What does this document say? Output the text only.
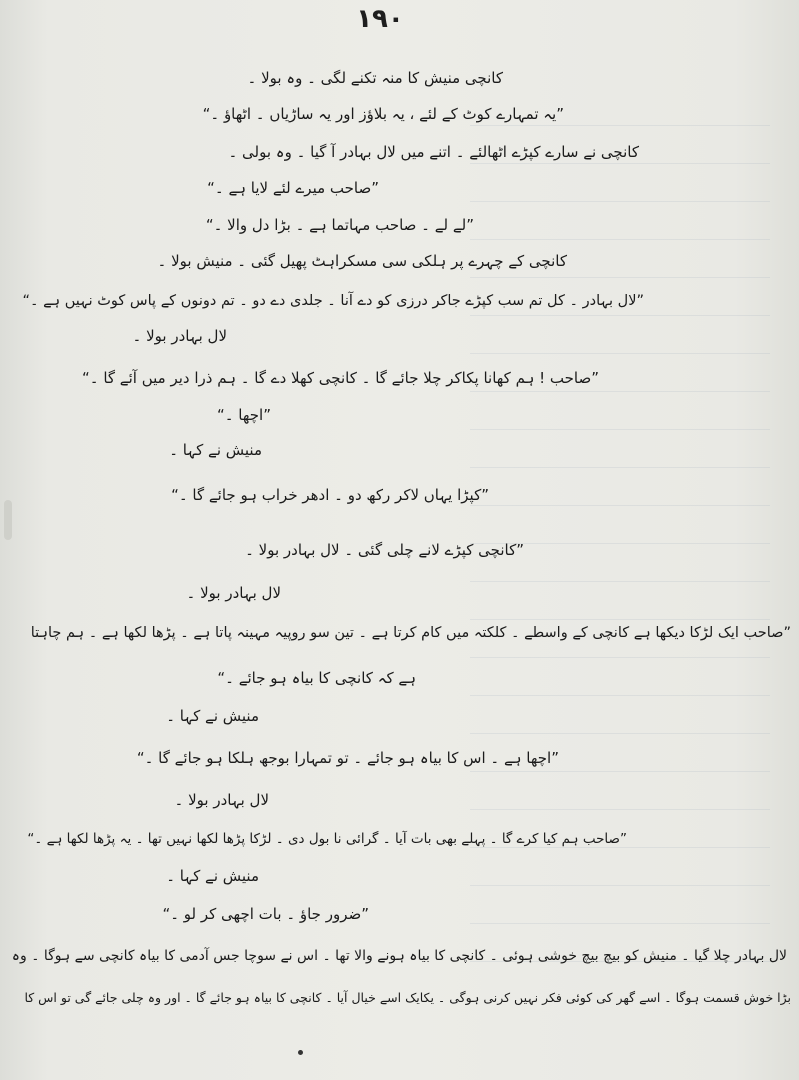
۱۹۰
کانچی منیش کا منہ تکنے لگی ۔ وہ بولا ۔
”یہ تمہارے کوٹ کے لئے ، یہ بلاؤز اور یہ ساڑیاں ۔ اٹھاؤ ۔“
کانچی نے سارے کپڑے اٹھالئے ۔ اتنے میں لال بہادر آ گیا ۔ وہ بولی ۔
”صاحب میرے لئے لایا ہے ۔“
”لے لے ۔ صاحب مہاتما ہے ۔ بڑا دل والا ۔“
کانچی کے چہرے پر ہلکی سی مسکراہٹ پھیل گئی ۔ منیش بولا ۔
”لال بہادر ۔ کل تم سب کپڑے جاکر درزی کو دے آنا ۔ جلدی دے دو ۔ تم دونوں کے پاس کوٹ نہیں ہے ۔“
لال بہادر بولا ۔
”صاحب ! ہم کھانا پکاکر چلا جائے گا ۔ کانچی کھلا دے گا ۔ ہم ذرا دیر میں آئے گا ۔“
”اچھا ۔“
منیش نے کہا ۔
”کپڑا یہاں لاکر رکھ دو ۔ ادھر خراب ہو جائے گا ۔“
”کانچی کپڑے لانے چلی گئی ۔ لال بہادر بولا ۔
لال بہادر بولا ۔
”صاحب ایک لڑکا دیکھا ہے کانچی کے واسطے ۔ کلکتہ میں کام کرتا ہے ۔ تین سو روپیہ مہینہ پاتا ہے ۔ پڑھا لکھا ہے ۔ ہم چاہتا
ہے کہ کانچی کا بیاہ ہو جائے ۔“
منیش نے کہا ۔
”اچھا ہے ۔ اس کا بیاہ ہو جائے ۔ تو تمہارا بوجھ ہلکا ہو جائے گا ۔“
لال بہادر بولا ۔
”صاحب ہم کیا کرے گا ۔ پہلے بھی بات آیا ۔ گرائی نا بول دی ۔ لڑکا پڑھا لکھا نہیں تھا ۔ یہ پڑھا لکھا ہے ۔“
منیش نے کہا ۔
”ضرور جاؤ ۔ بات اچھی کر لو ۔“
لال بہادر چلا گیا ۔ منیش کو بیچ بیچ خوشی ہوئی ۔ کانچی کا بیاہ ہونے والا تھا ۔ اس نے سوچا جس آدمی کا بیاہ کانچی سے ہوگا ۔ وہ
بڑا خوش قسمت ہوگا ۔ اسے گھر کی کوئی فکر نہیں کرنی ہوگی ۔ یکایک اسے خیال آیا ۔ کانچی کا بیاہ ہو جائے گا ۔ اور وہ چلی جائے گی تو اس کا
